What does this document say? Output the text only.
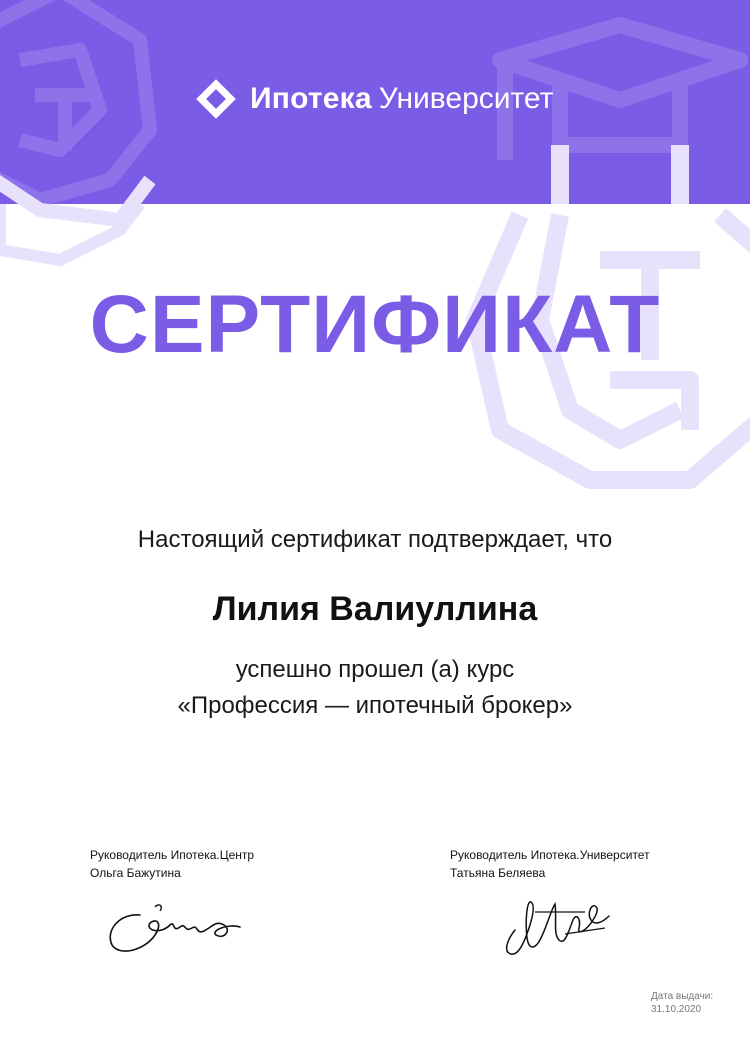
Ипотека Университет
СЕРТИФИКАТ
Настоящий сертификат подтверждает, что
Лилия Валиуллина
успешно прошел (а) курс
«Профессия — ипотечный брокер»
Руководитель Ипотека.Центр
Ольга Бажутина
Руководитель Ипотека.Университет
Татьяна Беляева
Дата выдачи:
31.10.2020
